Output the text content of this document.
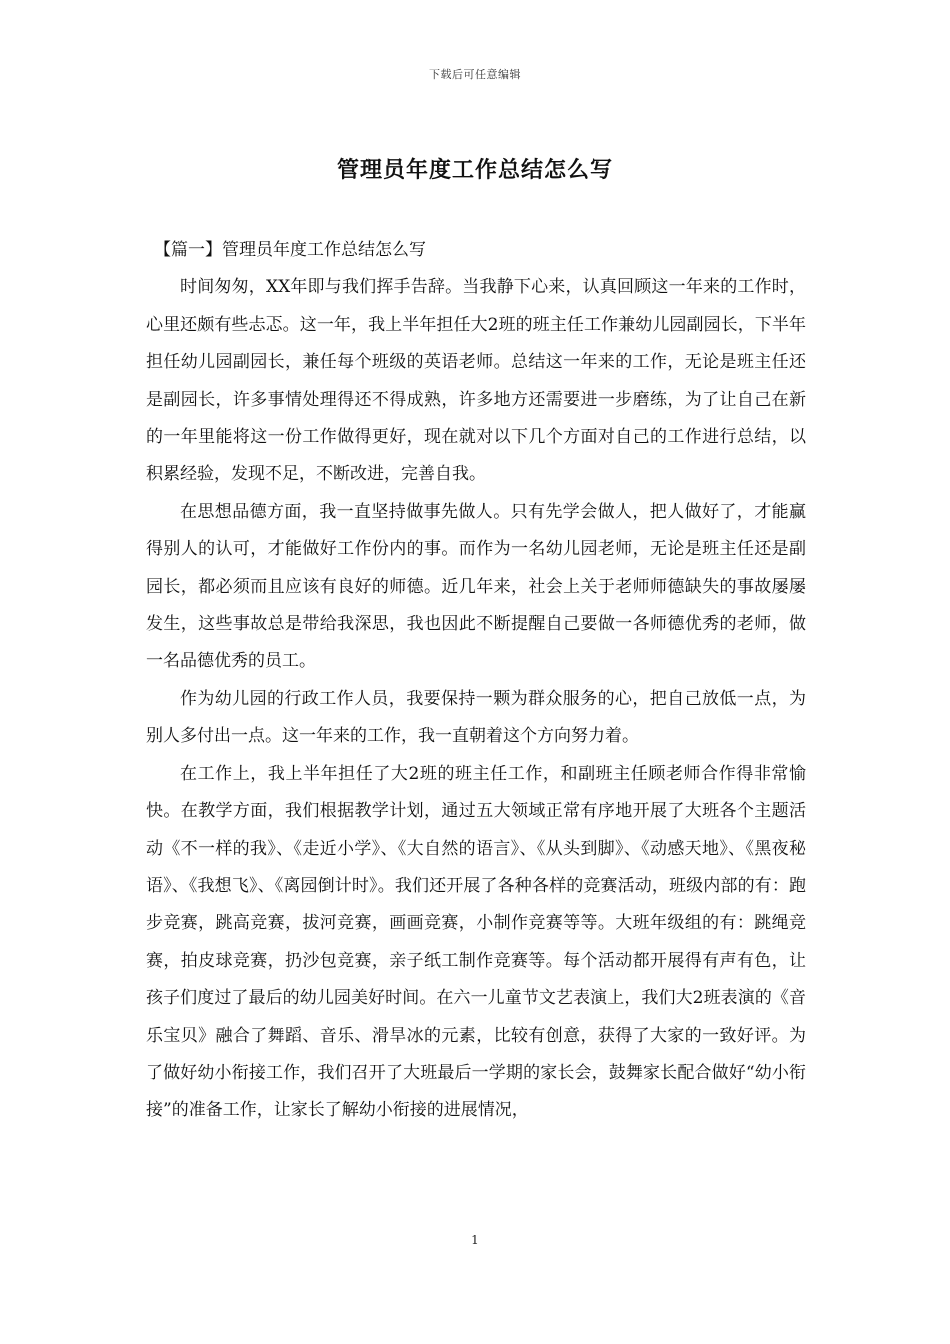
下载后可任意编辑
管理员年度工作总结怎么写

【篇一】管理员年度工作总结怎么写

时间匆匆，XX年即与我们挥手告辞。当我静下心来，认真回顾这一年来的工作时，心里还颇有些忐忑。这一年，我上半年担任大2班的班主任工作兼幼儿园副园长，下半年担任幼儿园副园长，兼任每个班级的英语老师。总结这一年来的工作，无论是班主任还是副园长，许多事情处理得还不得成熟，许多地方还需要进一步磨练，为了让自己在新的一年里能将这一份工作做得更好，现在就对以下几个方面对自己的工作进行总结，以积累经验，发现不足，不断改进，完善自我。

在思想品德方面，我一直坚持做事先做人。只有先学会做人，把人做好了，才能赢得别人的认可，才能做好工作份内的事。而作为一名幼儿园老师，无论是班主任还是副园长，都必须而且应该有良好的师德。近几年来，社会上关于老师师德缺失的事故屡屡发生，这些事故总是带给我深思，我也因此不断提醒自己要做一各师德优秀的老师，做一名品德优秀的员工。

作为幼儿园的行政工作人员，我要保持一颗为群众服务的心，把自己放低一点，为别人多付出一点。这一年来的工作，我一直朝着这个方向努力着。

在工作上，我上半年担任了大2班的班主任工作，和副班主任顾老师合作得非常愉快。在教学方面，我们根据教学计划，通过五大领域正常有序地开展了大班各个主题活动《不一样的我》、《走近小学》、《大自然的语言》、《从头到脚》、《动感天地》、《黑夜秘语》、《我想飞》、《离园倒计时》。我们还开展了各种各样的竞赛活动，班级内部的有：跑步竞赛，跳高竞赛，拔河竞赛，画画竞赛，小制作竞赛等等。大班年级组的有：跳绳竞赛，拍皮球竞赛，扔沙包竞赛，亲子纸工制作竞赛等。每个活动都开展得有声有色，让孩子们度过了最后的幼儿园美好时间。在六一儿童节文艺表演上，我们大2班表演的《音乐宝贝》融合了舞蹈、音乐、滑旱冰的元素，比较有创意，获得了大家的一致好评。为了做好幼小衔接工作，我们召开了大班最后一学期的家长会，鼓舞家长配合做好“幼小衔接”的准备工作，让家长了解幼小衔接的进展情况，

1
